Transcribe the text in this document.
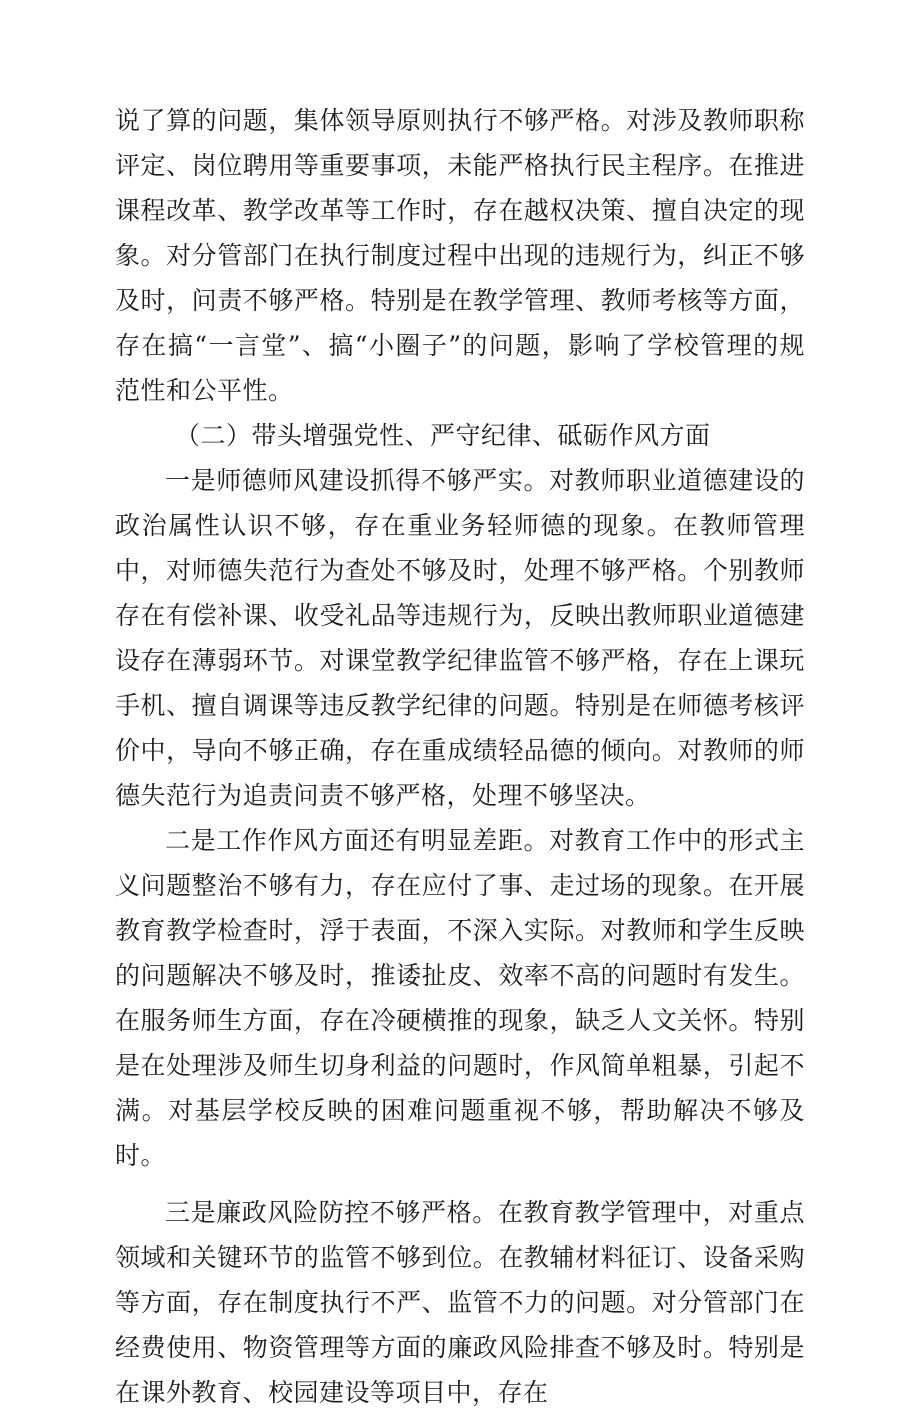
说了算的问题，集体领导原则执行不够严格。对涉及教师职称评定、岗位聘用等重要事项，未能严格执行民主程序。在推进课程改革、教学改革等工作时，存在越权决策、擅自决定的现象。对分管部门在执行制度过程中出现的违规行为，纠正不够及时，问责不够严格。特别是在教学管理、教师考核等方面，存在搞“一言堂”、搞“小圈子”的问题，影响了学校管理的规范性和公平性。

（二）带头增强党性、严守纪律、砥砺作风方面

一是师德师风建设抓得不够严实。对教师职业道德建设的政治属性认识不够，存在重业务轻师德的现象。在教师管理中，对师德失范行为查处不够及时，处理不够严格。个别教师存在有偿补课、收受礼品等违规行为，反映出教师职业道德建设存在薄弱环节。对课堂教学纪律监管不够严格，存在上课玩手机、擅自调课等违反教学纪律的问题。特别是在师德考核评价中，导向不够正确，存在重成绩轻品德的倾向。对教师的师德失范行为追责问责不够严格，处理不够坚决。

二是工作作风方面还有明显差距。对教育工作中的形式主义问题整治不够有力，存在应付了事、走过场的现象。在开展教育教学检查时，浮于表面，不深入实际。对教师和学生反映的问题解决不够及时，推诿扯皮、效率不高的问题时有发生。在服务师生方面，存在冷硬横推的现象，缺乏人文关怀。特别是在处理涉及师生切身利益的问题时，作风简单粗暴，引起不满。对基层学校反映的困难问题重视不够，帮助解决不够及时。

三是廉政风险防控不够严格。在教育教学管理中，对重点领域和关键环节的监管不够到位。在教辅材料征订、设备采购等方面，存在制度执行不严、监管不力的问题。对分管部门在经费使用、物资管理等方面的廉政风险排查不够及时。特别是在课外教育、校园建设等项目中，存在
